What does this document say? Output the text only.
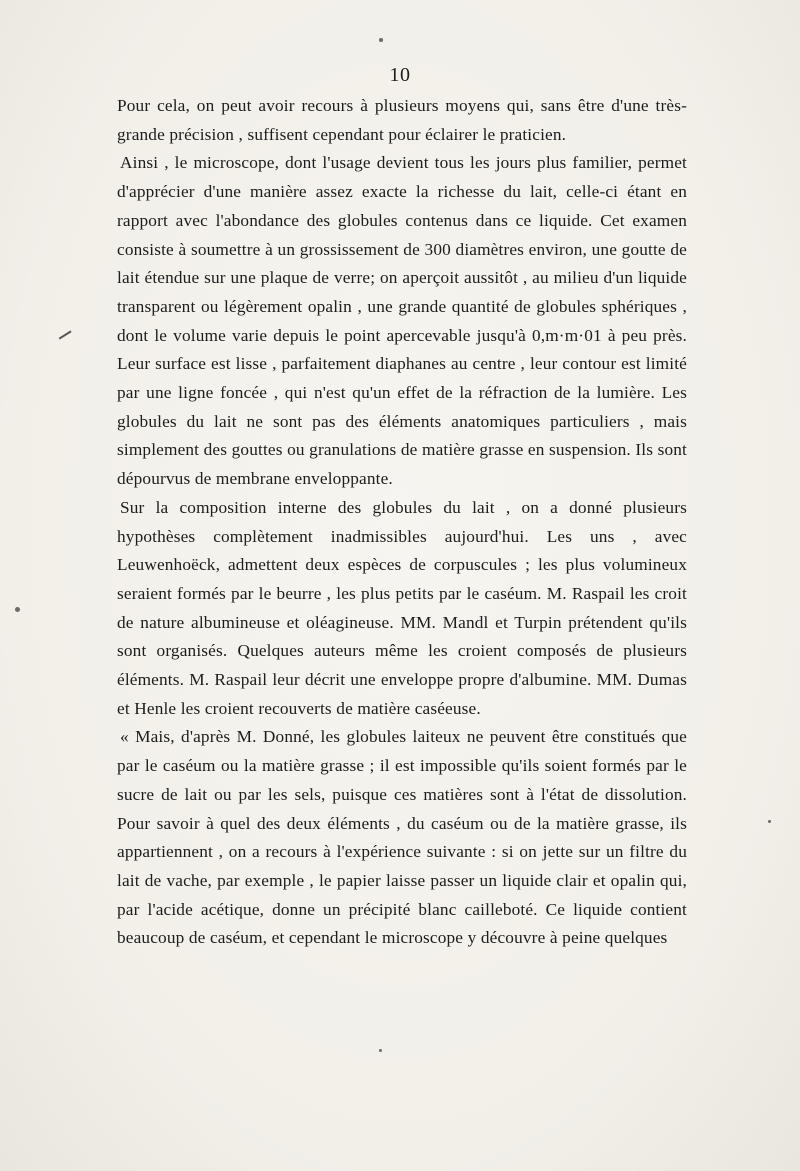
10

Pour cela, on peut avoir recours à plusieurs moyens qui, sans être d'une très-grande précision , suffisent cependant pour éclairer le praticien.

Ainsi , le microscope, dont l'usage devient tous les jours plus familier, permet d'apprécier d'une manière assez exacte la richesse du lait, celle-ci étant en rapport avec l'abondance des globules contenus dans ce liquide. Cet examen consiste à soumettre à un grossissement de 300 diamètres environ, une goutte de lait étendue sur une plaque de verre; on aperçoit aussitôt , au milieu d'un liquide transparent ou légèrement opalin , une grande quantité de globules sphériques , dont le volume varie depuis le point apercevable jusqu'à 0,m·m·01 à peu près. Leur surface est lisse , parfaitement diaphanes au centre , leur contour est limité par une ligne foncée , qui n'est qu'un effet de la réfraction de la lumière. Les globules du lait ne sont pas des éléments anatomiques particuliers , mais simplement des gouttes ou granulations de matière grasse en suspension. Ils sont dépourvus de membrane enveloppante.

Sur la composition interne des globules du lait , on a donné plusieurs hypothèses complètement inadmissibles aujourd'hui. Les uns , avec Leuwenhoëck, admettent deux espèces de corpuscules ; les plus volumineux seraient formés par le beurre , les plus petits par le caséum. M. Raspail les croit de nature albumineuse et oléagineuse. MM. Mandl et Turpin prétendent qu'ils sont organisés. Quelques auteurs même les croient composés de plusieurs éléments. M. Raspail leur décrit une enveloppe propre d'albumine. MM. Dumas et Henle les croient recouverts de matière caséeuse.

« Mais, d'après M. Donné, les globules laiteux ne peuvent être constitués que par le caséum ou la matière grasse ; il est impossible qu'ils soient formés par le sucre de lait ou par les sels, puisque ces matières sont à l'état de dissolution. Pour savoir à quel des deux éléments , du caséum ou de la matière grasse, ils appartiennent , on a recours à l'expérience suivante : si on jette sur un filtre du lait de vache, par exemple , le papier laisse passer un liquide clair et opalin qui, par l'acide acétique, donne un précipité blanc cailleboté. Ce liquide contient beaucoup de caséum, et cependant le microscope y découvre à peine quelques
